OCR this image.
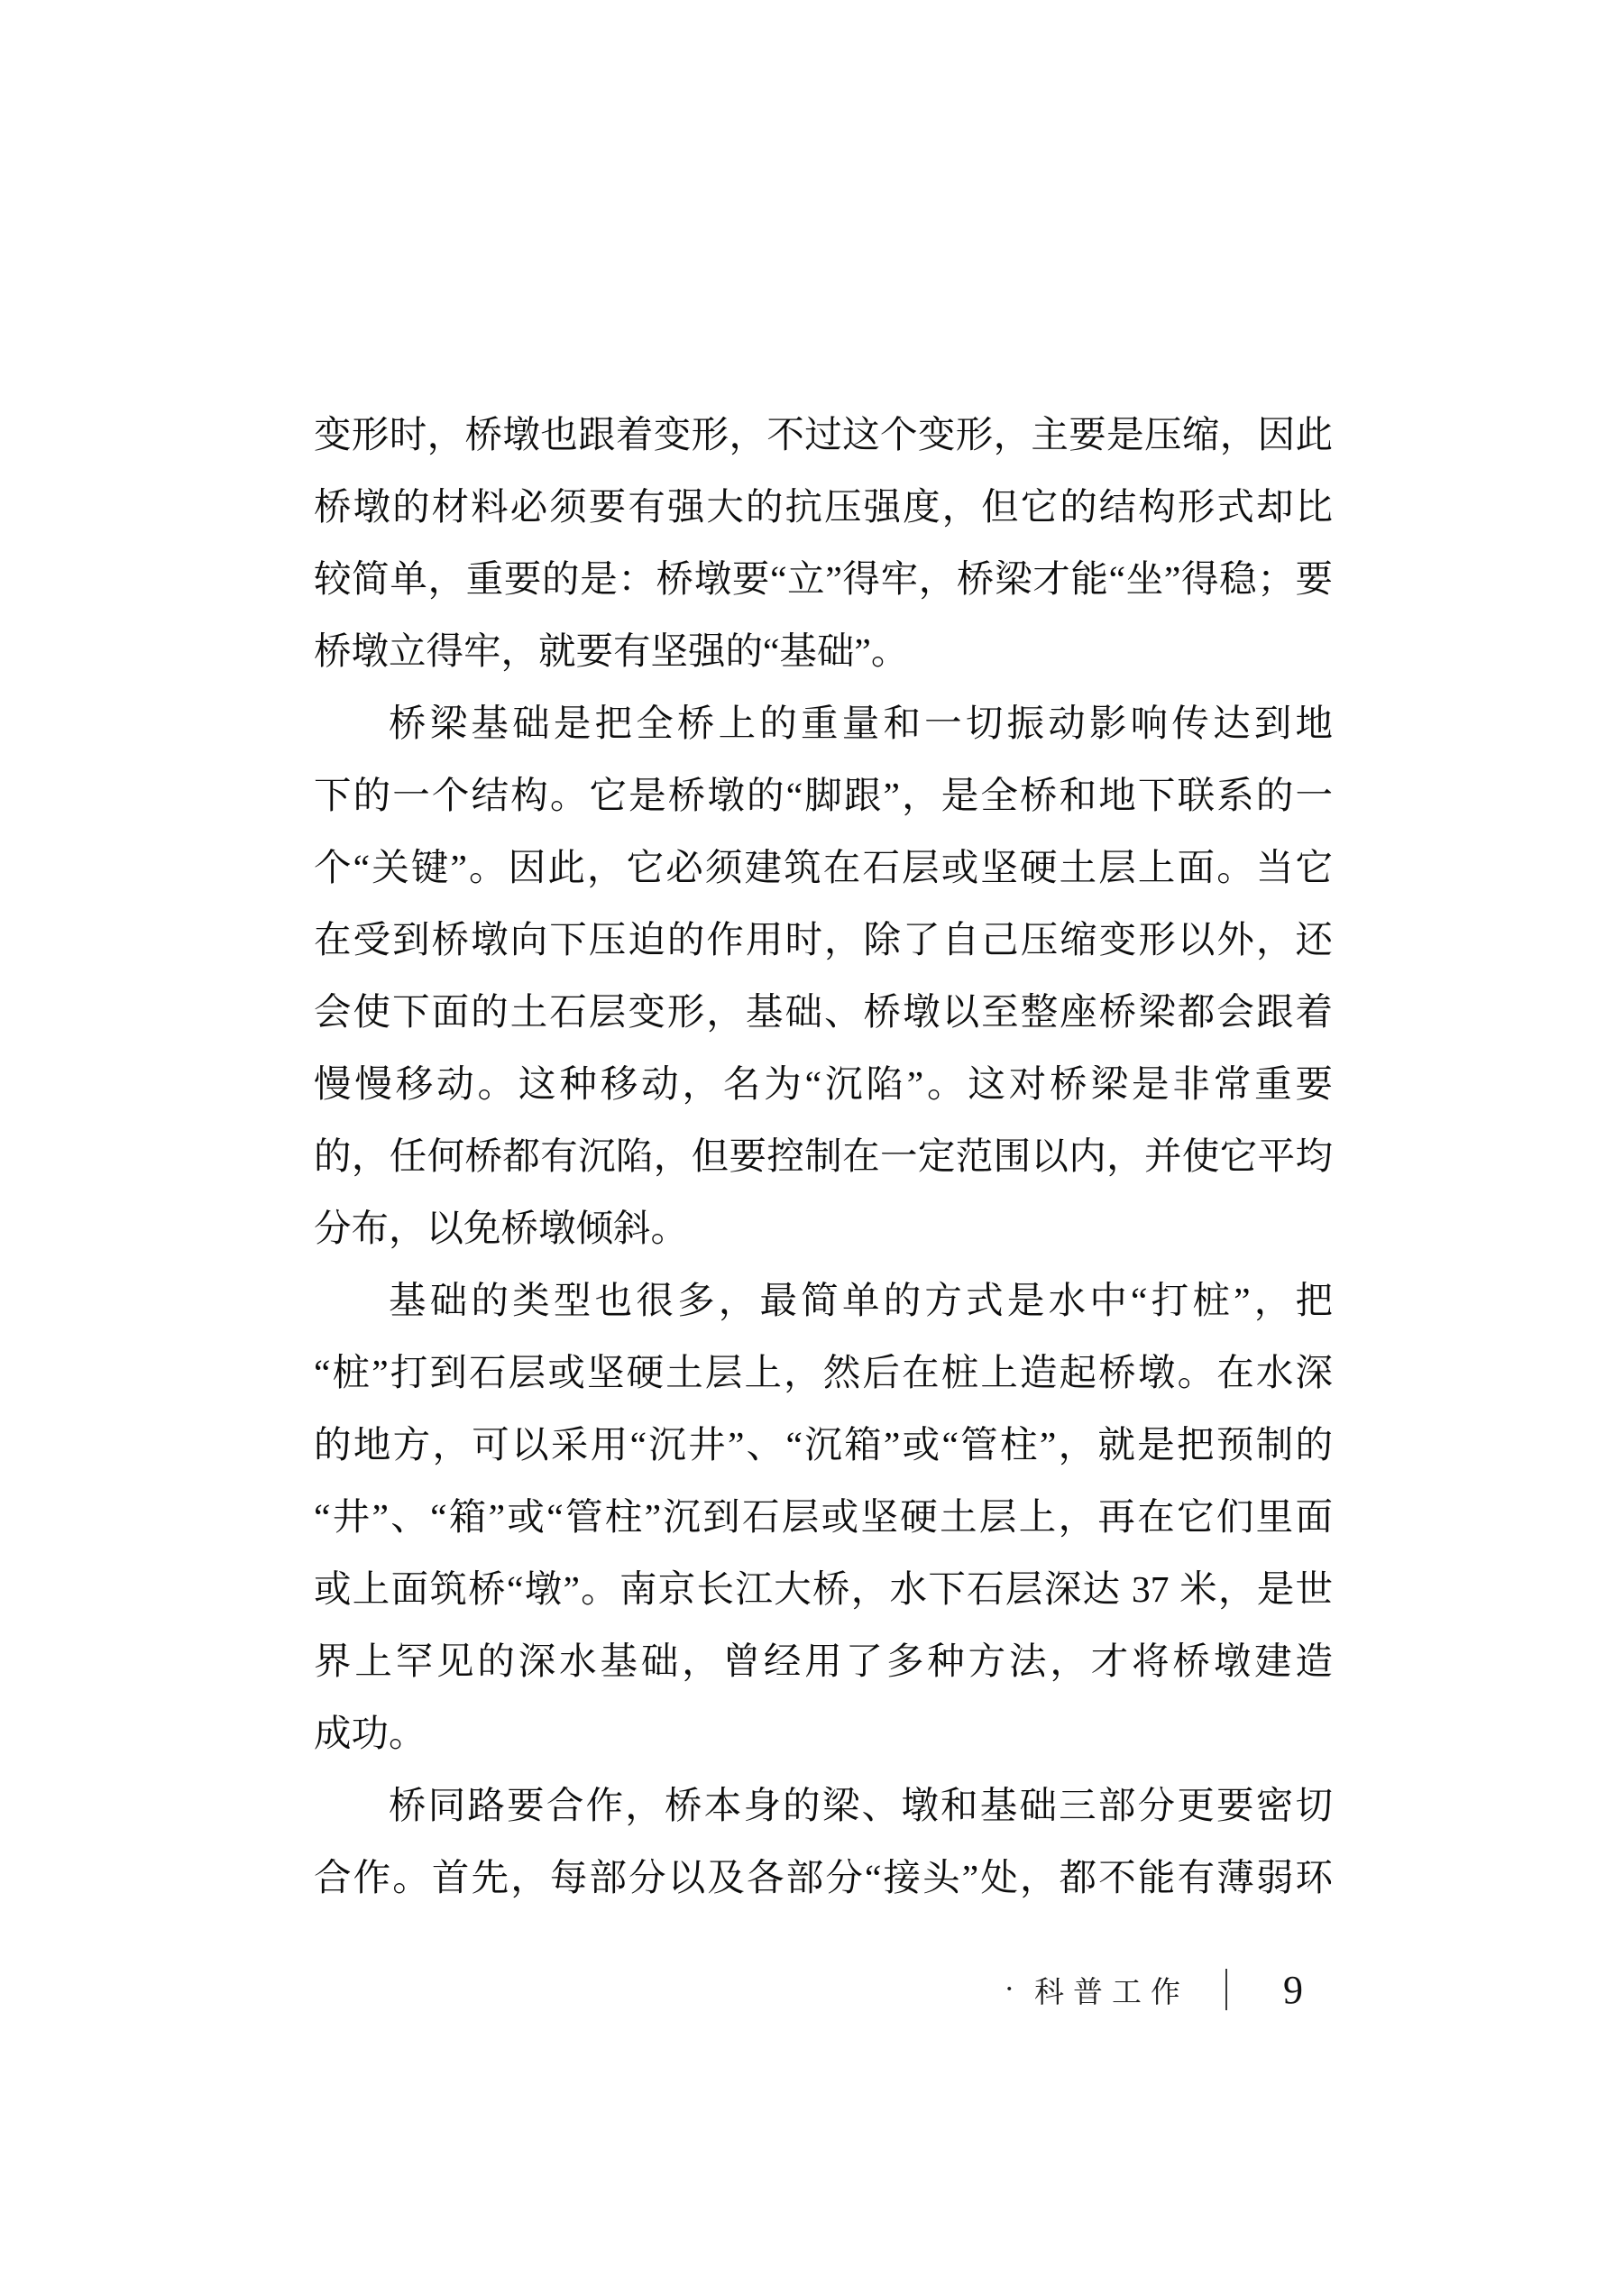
变形时，桥墩也跟着变形，不过这个变形，主要是压缩，因此
桥墩的材料必须要有强大的抗压强度，但它的结构形式却比
较简单，重要的是：桥墩要“立”得牢，桥梁才能“坐”得稳；要
桥墩立得牢，就要有坚强的“基础”。
桥梁基础是把全桥上的重量和一切振动影响传达到地
下的一个结构。它是桥墩的“脚跟”，是全桥和地下联系的一
个“关键”。因此，它必须建筑在石层或坚硬土层上面。当它
在受到桥墩向下压迫的作用时，除了自己压缩变形以外，还
会使下面的土石层变形，基础、桥墩以至整座桥梁都会跟着
慢慢移动。这种移动，名为“沉陷”。这对桥梁是非常重要
的，任何桥都有沉陷，但要控制在一定范围以内，并使它平均
分布，以免桥墩倾斜。
基础的类型也很多，最简单的方式是水中“打桩”，把
“桩”打到石层或坚硬土层上，然后在桩上造起桥墩。在水深
的地方，可以采用“沉井”、“沉箱”或“管柱”，就是把预制的
“井”、“箱”或“管柱”沉到石层或坚硬土层上，再在它们里面
或上面筑桥“墩”。南京长江大桥，水下石层深达 37 米，是世
界上罕见的深水基础，曾经用了多种方法，才将桥墩建造
成功。
桥同路要合作，桥本身的梁、墩和基础三部分更要密切
合作。首先，每部分以及各部分“接头”处，都不能有薄弱环
· 科普工作 9
